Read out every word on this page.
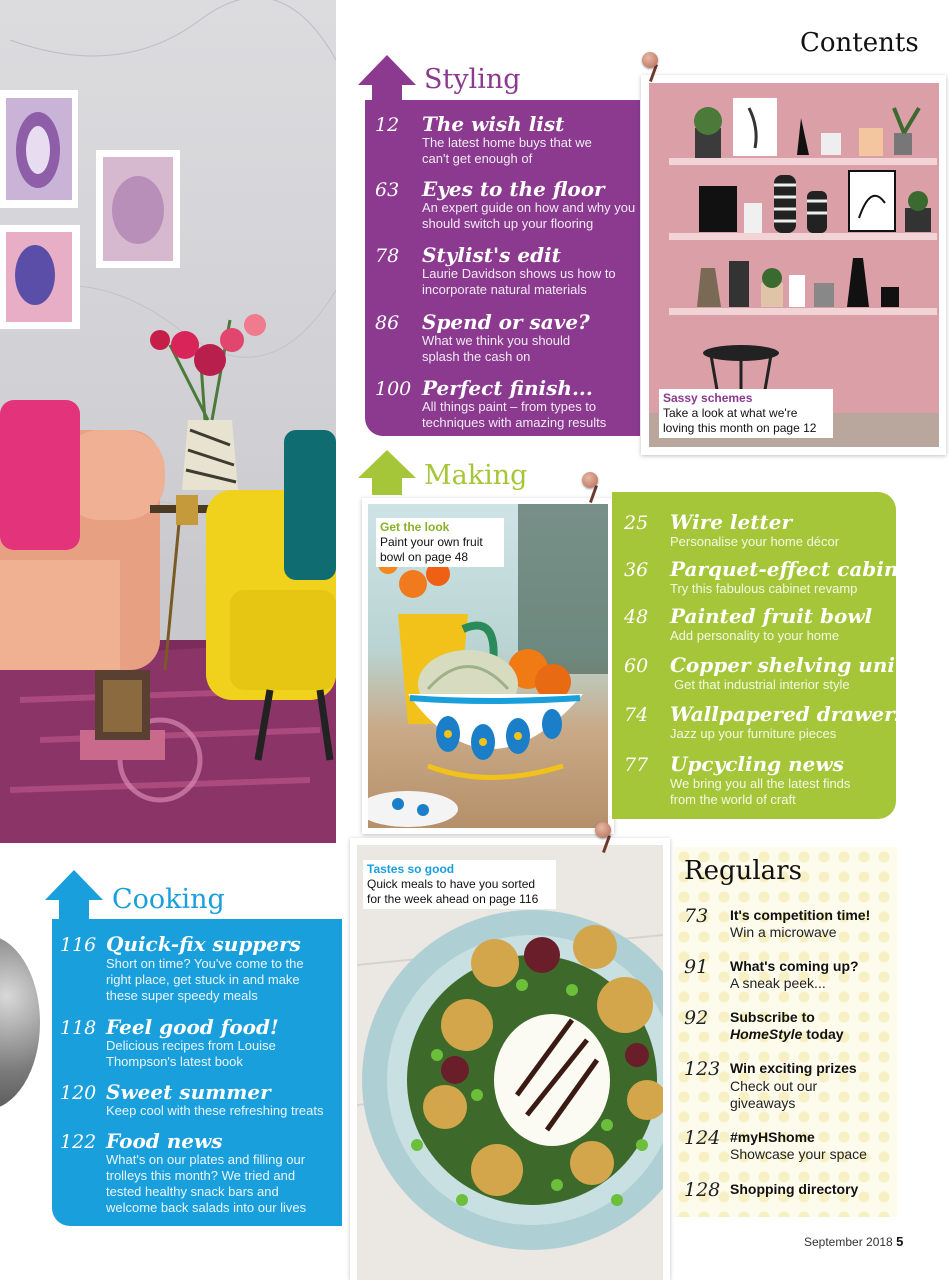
Contents
Styling
12 The wish list
The latest home buys that we can't get enough of
63 Eyes to the floor
An expert guide on how and why you should switch up your flooring
78 Stylist's edit
Laurie Davidson shows us how to incorporate natural materials
86 Spend or save?
What we think you should splash the cash on
100 Perfect finish...
All things paint – from types to techniques with amazing results
Sassy schemes
Take a look at what we're loving this month on page 12
Making
Get the look
Paint your own fruit bowl on page 48
25 Wire letter
Personalise your home décor
36 Parquet-effect cabinet
Try this fabulous cabinet revamp
48 Painted fruit bowl
Add personality to your home
60 Copper shelving unit
Get that industrial interior style
74 Wallpapered drawers
Jazz up your furniture pieces
77 Upcycling news
We bring you all the latest finds from the world of craft
Cooking
116 Quick-fix suppers
Short on time? You've come to the right place, get stuck in and make these super speedy meals
118 Feel good food!
Delicious recipes from Louise Thompson's latest book
120 Sweet summer
Keep cool with these refreshing treats
122 Food news
What's on our plates and filling our trolleys this month? We tried and tested healthy snack bars and welcome back salads into our lives
Tastes so good
Quick meals to have you sorted for the week ahead on page 116
Regulars
73 It's competition time!
Win a microwave
91 What's coming up?
A sneak peek...
92 Subscribe to
HomeStyle today
123 Win exciting prizes
Check out our giveaways
124 #myHShome
Showcase your space
128 Shopping directory
September 2018 5
